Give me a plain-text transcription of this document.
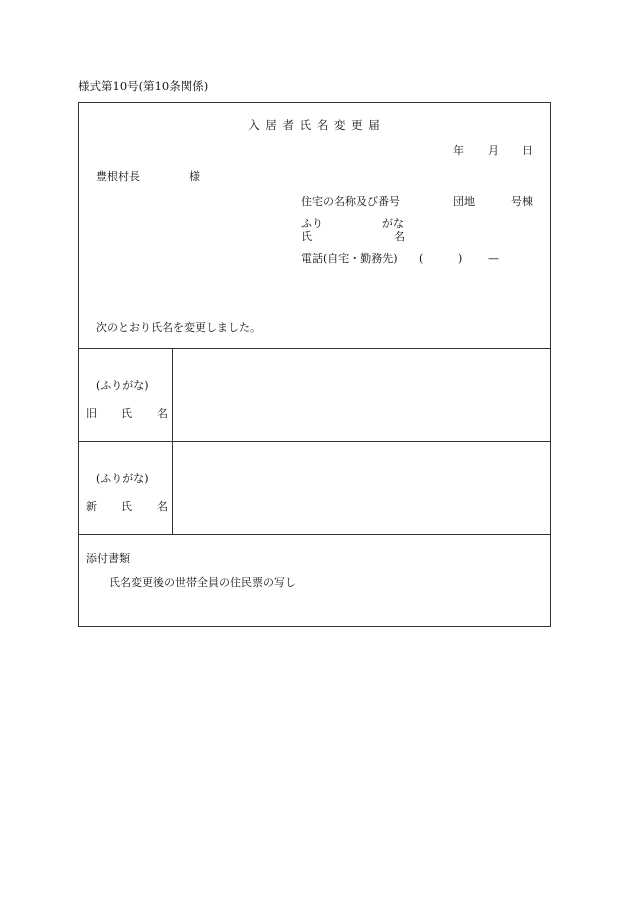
様式第10号(第10条関係)
入 居 者 氏 名 変 更 届
年 月 日
豊根村長	様
住宅の名称及び番号	団地	号棟
ふり	がな
氏	名
電話(自宅・勤務先) (	) —
次のとおり氏名を変更しました。
(ふりがな)
旧 氏 名
(ふりがな)
新 氏 名
添付書類
氏名変更後の世帯全員の住民票の写し
